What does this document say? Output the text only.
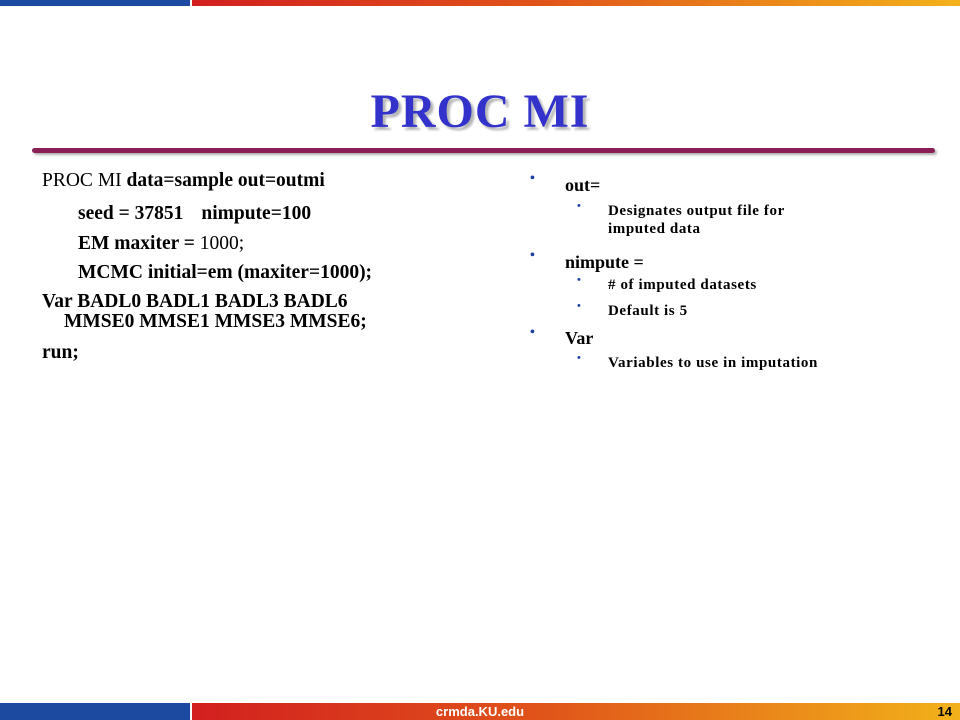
PROC MI
PROC MI data=sample out=outmi
seed = 37851 nimpute=100
EM maxiter = 1000;
MCMC initial=em (maxiter=1000);
Var BADL0 BADL1 BADL3 BADL6
MMSE0 MMSE1 MMSE3 MMSE6;
run;
• out=
• Designates output file for
imputed data
• nimpute =
• # of imputed datasets
• Default is 5
• Var
• Variables to use in imputation
crmda.KU.edu	14
